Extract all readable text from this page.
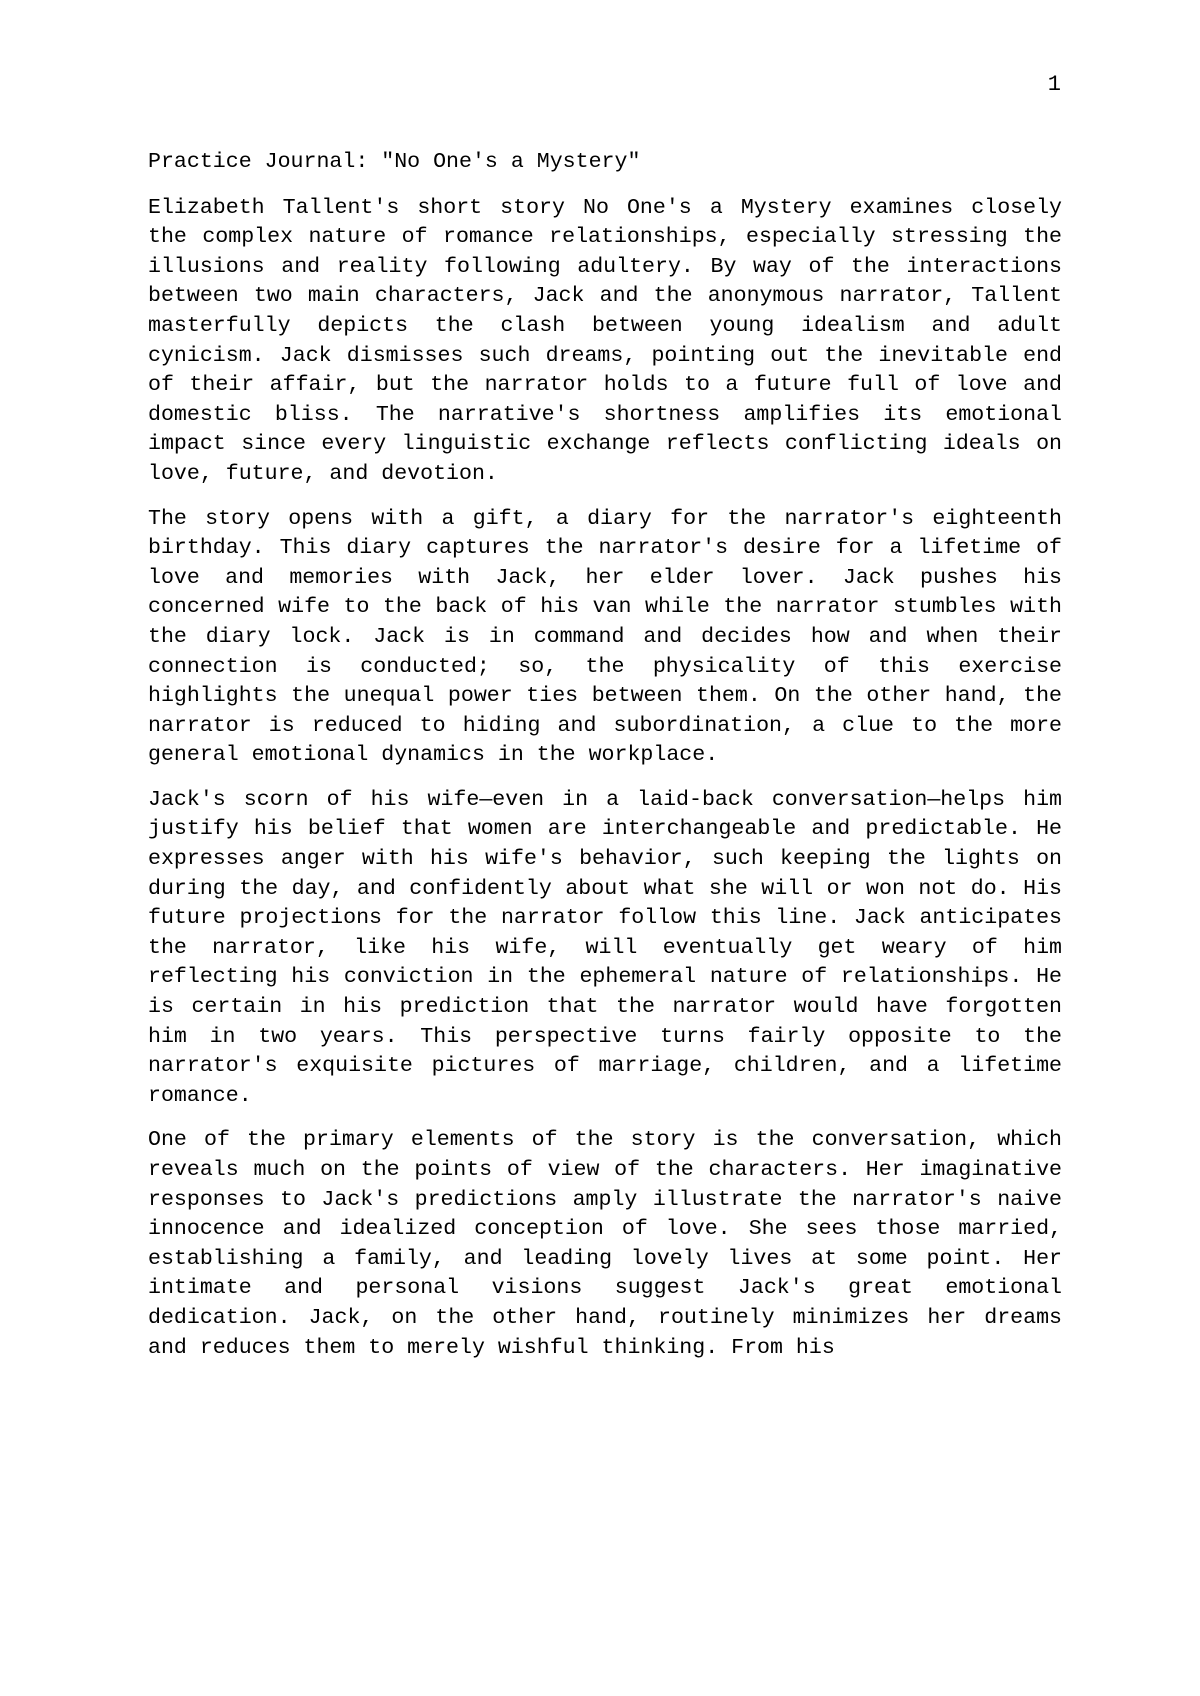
1

Practice Journal: "No One's a Mystery"

Elizabeth Tallent's short story No One's a Mystery examines closely the complex nature of romance relationships, especially stressing the illusions and reality following adultery. By way of the interactions between two main characters, Jack and the anonymous narrator, Tallent masterfully depicts the clash between young idealism and adult cynicism. Jack dismisses such dreams, pointing out the inevitable end of their affair, but the narrator holds to a future full of love and domestic bliss. The narrative's shortness amplifies its emotional impact since every linguistic exchange reflects conflicting ideals on love, future, and devotion.

The story opens with a gift, a diary for the narrator's eighteenth birthday. This diary captures the narrator's desire for a lifetime of love and memories with Jack, her elder lover. Jack pushes his concerned wife to the back of his van while the narrator stumbles with the diary lock. Jack is in command and decides how and when their connection is conducted; so, the physicality of this exercise highlights the unequal power ties between them. On the other hand, the narrator is reduced to hiding and subordination, a clue to the more general emotional dynamics in the workplace.

Jack's scorn of his wife—even in a laid-back conversation—helps him justify his belief that women are interchangeable and predictable. He expresses anger with his wife's behavior, such keeping the lights on during the day, and confidently about what she will or won not do. His future projections for the narrator follow this line. Jack anticipates the narrator, like his wife, will eventually get weary of him reflecting his conviction in the ephemeral nature of relationships. He is certain in his prediction that the narrator would have forgotten him in two years. This perspective turns fairly opposite to the narrator's exquisite pictures of marriage, children, and a lifetime romance.

One of the primary elements of the story is the conversation, which reveals much on the points of view of the characters. Her imaginative responses to Jack's predictions amply illustrate the narrator's naive innocence and idealized conception of love. She sees those married, establishing a family, and leading lovely lives at some point. Her intimate and personal visions suggest Jack's great emotional dedication. Jack, on the other hand, routinely minimizes her dreams and reduces them to merely wishful thinking. From his
